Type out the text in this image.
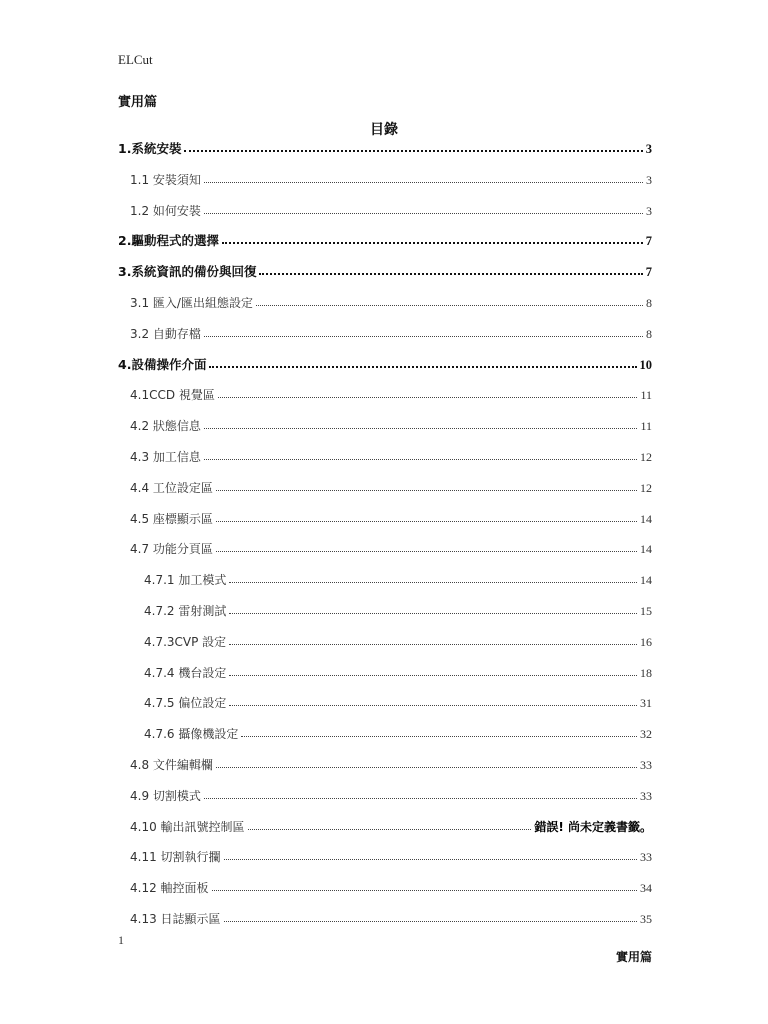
ELCut
實用篇
目錄
1.系統安裝	3
1.1 安裝須知	3
1.2 如何安裝	3
2.驅動程式的選擇	7
3.系統資訊的備份與回復	7
3.1 匯入/匯出組態設定	8
3.2 自動存檔	8
4.設備操作介面	10
4.1CCD 視覺區	11
4.2 狀態信息	11
4.3 加工信息	12
4.4 工位設定區	12
4.5 座標顯示區	14
4.7 功能分頁區	14
4.7.1 加工模式	14
4.7.2 雷射測試	15
4.7.3CVP 設定	16
4.7.4 機台設定	18
4.7.5 偏位設定	31
4.7.6 攝像機設定	32
4.8 文件編輯欄	33
4.9 切割模式	33
4.10 輸出訊號控制區	錯誤! 尚未定義書籤。
4.11 切割執行攔	33
4.12 軸控面板	34
4.13 日誌顯示區	35
1
實用篇
